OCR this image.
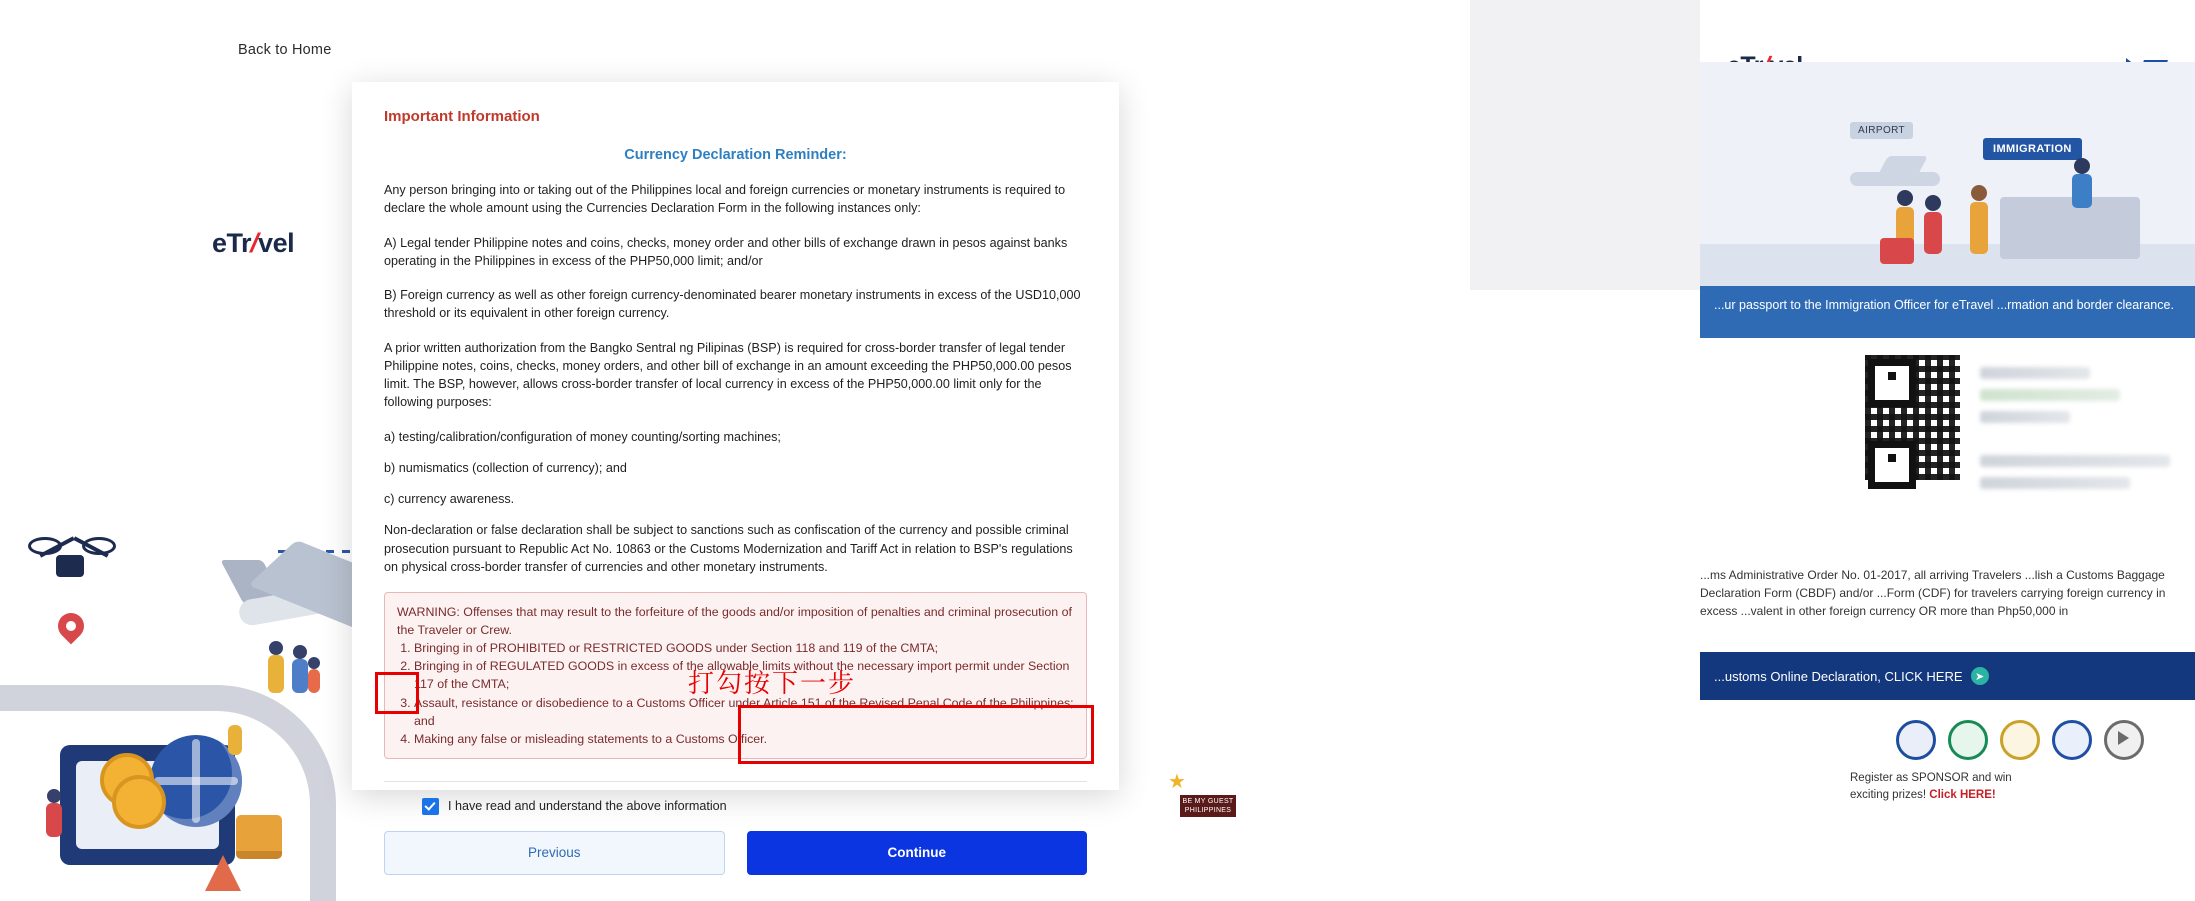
Back to Home
eTr/vel
AIRPORT
IMMIGRATION
...ur passport to the Immigration Officer for eTravel ...rmation and border clearance.
...ms Administrative Order No. 01-2017, all arriving Travelers ...lish a Customs Baggage Declaration Form (CBDF) and/or ...Form (CDF) for travelers carrying foreign currency in excess ...valent in other foreign currency OR more than Php50,000 in
...ustoms Online Declaration, CLICK HERE	➤
Register as SPONSOR and win
exciting prizes! Click HERE!
★
BE MY GUEST PHILIPPINES
Important Information
Currency Declaration Reminder:

Any person bringing into or taking out of the Philippines local and foreign currencies or monetary instruments is required to declare the whole amount using the Currencies Declaration Form in the following instances only:

A) Legal tender Philippine notes and coins, checks, money order and other bills of exchange drawn in pesos against banks operating in the Philippines in excess of the PHP50,000 limit; and/or

B) Foreign currency as well as other foreign currency-denominated bearer monetary instruments in excess of the USD10,000 threshold or its equivalent in other foreign currency.

A prior written authorization from the Bangko Sentral ng Pilipinas (BSP) is required for cross-border transfer of legal tender Philippine notes, coins, checks, money orders, and other bill of exchange in an amount exceeding the PHP50,000.00 pesos limit. The BSP, however, allows cross-border transfer of local currency in excess of the PHP50,000.00 limit only for the following purposes:

a) testing/calibration/configuration of money counting/sorting machines;

b) numismatics (collection of currency); and

c) currency awareness.

Non-declaration or false declaration shall be subject to sanctions such as confiscation of the currency and possible criminal prosecution pursuant to Republic Act No. 10863 or the Customs Modernization and Tariff Act in relation to BSP's regulations on physical cross-border transfer of currencies and other monetary instruments.

WARNING: Offenses that may result to the forfeiture of the goods and/or imposition of penalties and criminal prosecution of the Traveler or Crew.
1. Bringing in of PROHIBITED or RESTRICTED GOODS under Section 118 and 119 of the CMTA;
2. Bringing in of REGULATED GOODS in excess of the allowable limits without the necessary import permit under Section 117 of the CMTA;
3. Assault, resistance or disobedience to a Customs Officer under Article 151 of the Revised Penal Code of the Philippines; and
4. Making any false or misleading statements to a Customs Officer.
I have read and understand the above information
Previous	Continue
打勾按下一步
